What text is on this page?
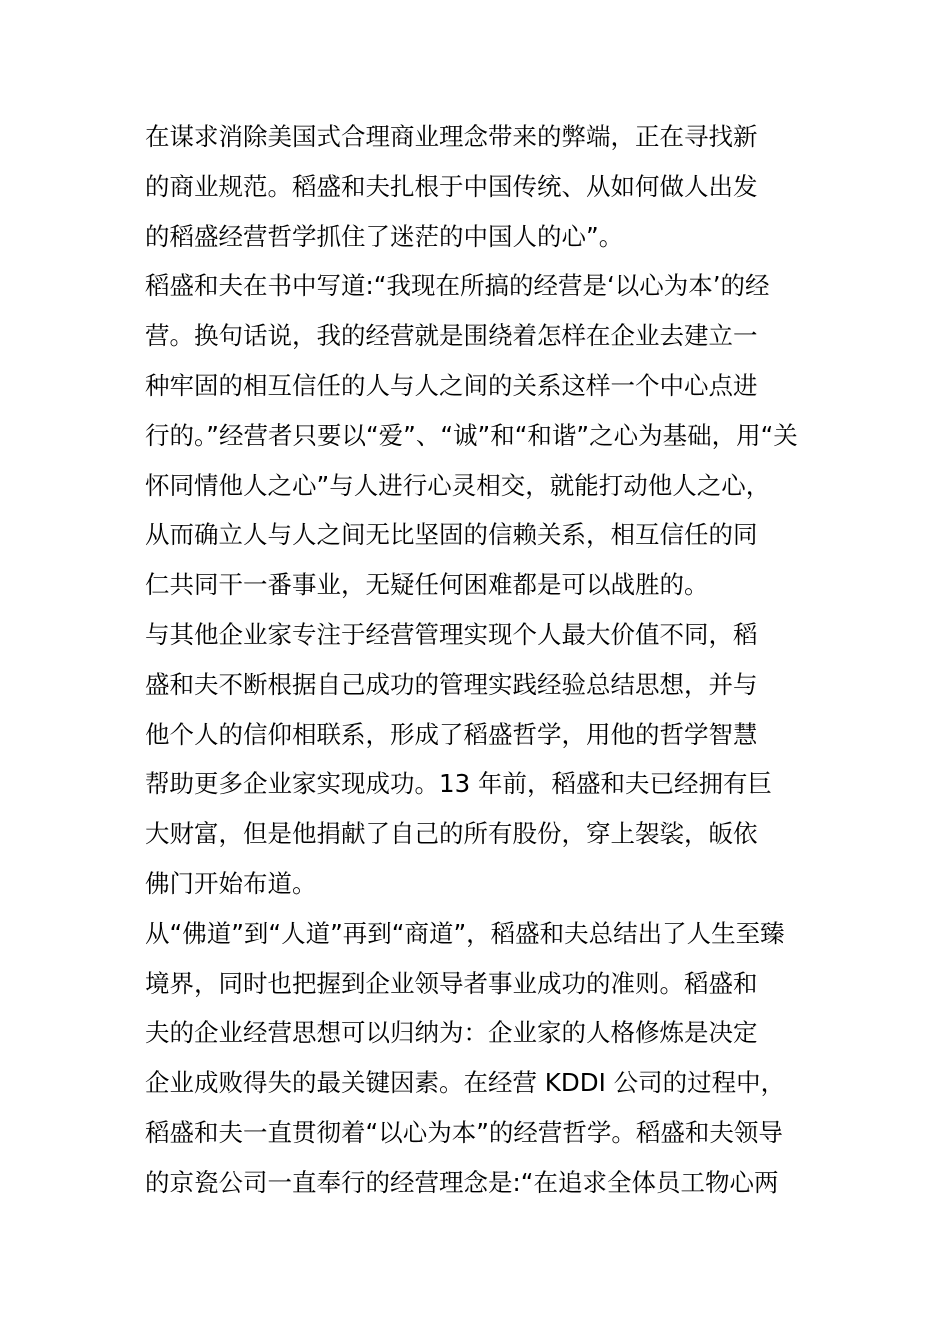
在谋求消除美国式合理商业理念带来的弊端，正在寻找新
的商业规范。稻盛和夫扎根于中国传统、从如何做人出发
的稻盛经营哲学抓住了迷茫的中国人的心”。
稻盛和夫在书中写道:“我现在所搞的经营是‘以心为本’的经
营。换句话说，我的经营就是围绕着怎样在企业去建立一
种牢固的相互信任的人与人之间的关系这样一个中心点进
行的。”经营者只要以“爱”、“诚”和“和谐”之心为基础，用“关
怀同情他人之心”与人进行心灵相交，就能打动他人之心，
从而确立人与人之间无比坚固的信赖关系，相互信任的同
仁共同干一番事业，无疑任何困难都是可以战胜的。
与其他企业家专注于经营管理实现个人最大价值不同，稻
盛和夫不断根据自己成功的管理实践经验总结思想，并与
他个人的信仰相联系，形成了稻盛哲学，用他的哲学智慧
帮助更多企业家实现成功。13 年前，稻盛和夫已经拥有巨
大财富，但是他捐献了自己的所有股份，穿上袈裟，皈依
佛门开始布道。
从“佛道”到“人道”再到“商道”，稻盛和夫总结出了人生至臻
境界，同时也把握到企业领导者事业成功的准则。稻盛和
夫的企业经营思想可以归纳为：企业家的人格修炼是决定
企业成败得失的最关键因素。在经营 KDDI 公司的过程中，
稻盛和夫一直贯彻着“以心为本”的经营哲学。稻盛和夫领导
的京瓷公司一直奉行的经营理念是:“在追求全体员工物心两
